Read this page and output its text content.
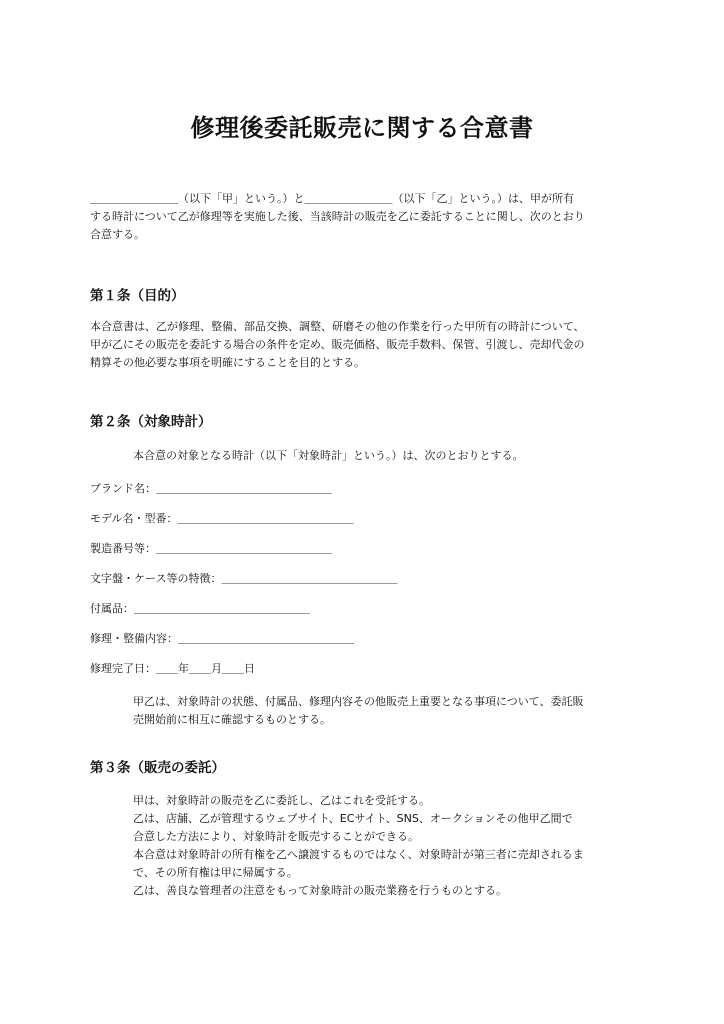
修理後委託販売に関する合意書
＿＿＿＿＿＿＿＿（以下「甲」という。）と＿＿＿＿＿＿＿＿（以下「乙」という。）は、甲が所有
する時計について乙が修理等を実施した後、当該時計の販売を乙に委託することに関し、次のとおり
合意する。
第１条（目的）
本合意書は、乙が修理、整備、部品交換、調整、研磨その他の作業を行った甲所有の時計について、
甲が乙にその販売を委託する場合の条件を定め、販売価格、販売手数料、保管、引渡し、売却代金の
精算その他必要な事項を明確にすることを目的とする。
第２条（対象時計）
本合意の対象となる時計（以下「対象時計」という。）は、次のとおりとする。
ブランド名：＿＿＿＿＿＿＿＿＿＿＿＿＿＿＿＿
モデル名・型番：＿＿＿＿＿＿＿＿＿＿＿＿＿＿＿＿
製造番号等：＿＿＿＿＿＿＿＿＿＿＿＿＿＿＿＿
文字盤・ケース等の特徴：＿＿＿＿＿＿＿＿＿＿＿＿＿＿＿＿
付属品：＿＿＿＿＿＿＿＿＿＿＿＿＿＿＿＿
修理・整備内容：＿＿＿＿＿＿＿＿＿＿＿＿＿＿＿＿
修理完了日：＿＿年＿＿月＿＿日
甲乙は、対象時計の状態、付属品、修理内容その他販売上重要となる事項について、委託販
売開始前に相互に確認するものとする。
第３条（販売の委託）
甲は、対象時計の販売を乙に委託し、乙はこれを受託する。
乙は、店舗、乙が管理するウェブサイト、ECサイト、SNS、オークションその他甲乙間で
合意した方法により、対象時計を販売することができる。
本合意は対象時計の所有権を乙へ譲渡するものではなく、対象時計が第三者に売却されるま
で、その所有権は甲に帰属する。
乙は、善良な管理者の注意をもって対象時計の販売業務を行うものとする。
